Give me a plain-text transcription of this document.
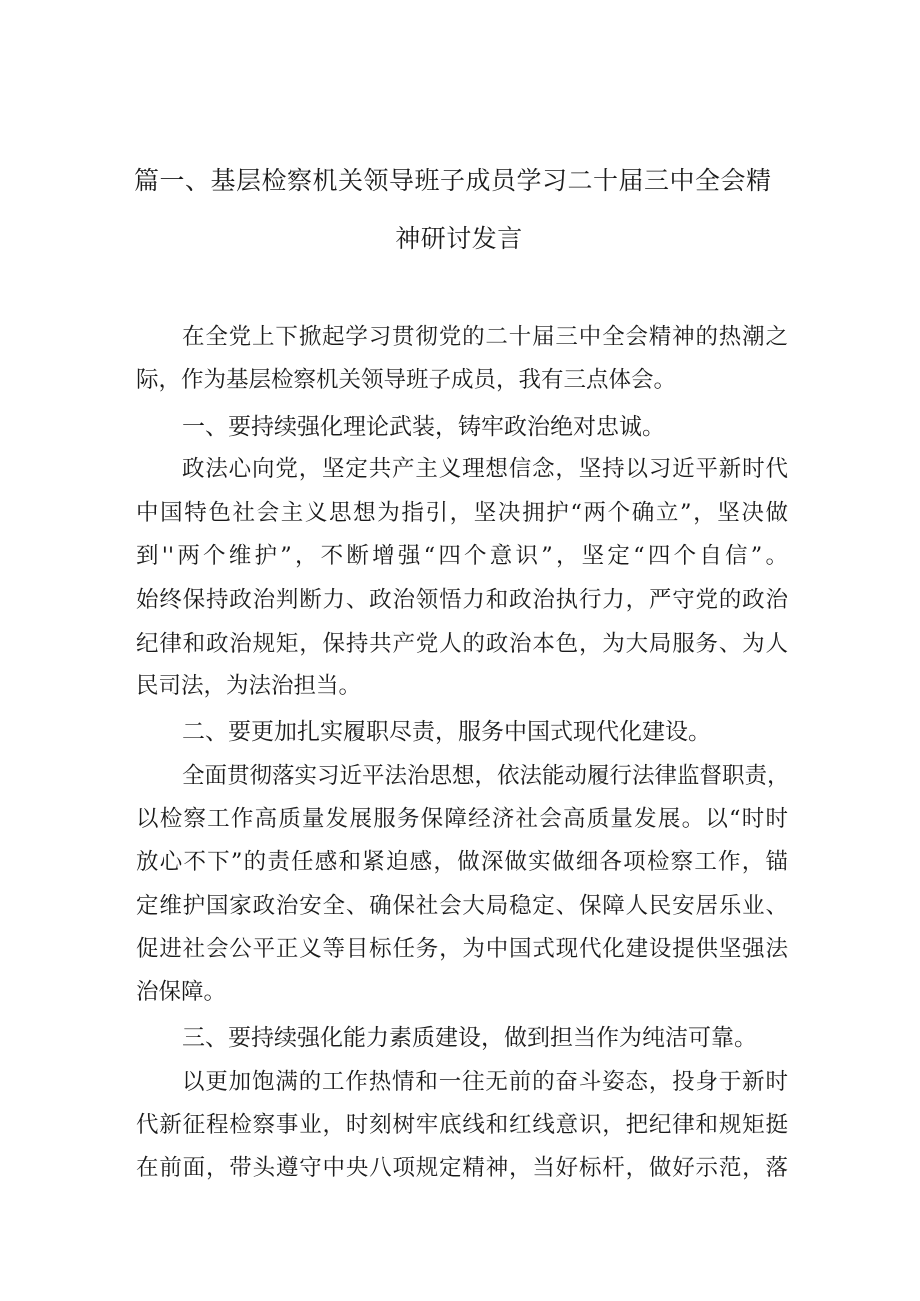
篇一、基层检察机关领导班子成员学习二十届三中全会精
神研讨发言
在全党上下掀起学习贯彻党的二十届三中全会精神的热潮之
际，作为基层检察机关领导班子成员，我有三点体会。
一、要持续强化理论武装，铸牢政治绝对忠诚。
政法心向党，坚定共产主义理想信念，坚持以习近平新时代
中国特色社会主义思想为指引，坚决拥护“两个确立”，坚决做
到''两个维护”，不断增强“四个意识”，坚定“四个自信”。
始终保持政治判断力、政治领悟力和政治执行力，严守党的政治
纪律和政治规矩，保持共产党人的政治本色，为大局服务、为人
民司法，为法治担当。
二、要更加扎实履职尽责，服务中国式现代化建设。
全面贯彻落实习近平法治思想，依法能动履行法律监督职责，
以检察工作高质量发展服务保障经济社会高质量发展。以“时时
放心不下”的责任感和紧迫感，做深做实做细各项检察工作，锚
定维护国家政治安全、确保社会大局稳定、保障人民安居乐业、
促进社会公平正义等目标任务，为中国式现代化建设提供坚强法
治保障。
三、要持续强化能力素质建设，做到担当作为纯洁可靠。
以更加饱满的工作热情和一往无前的奋斗姿态，投身于新时
代新征程检察事业，时刻树牢底线和红线意识，把纪律和规矩挺
在前面，带头遵守中央八项规定精神，当好标杆，做好示范，落
